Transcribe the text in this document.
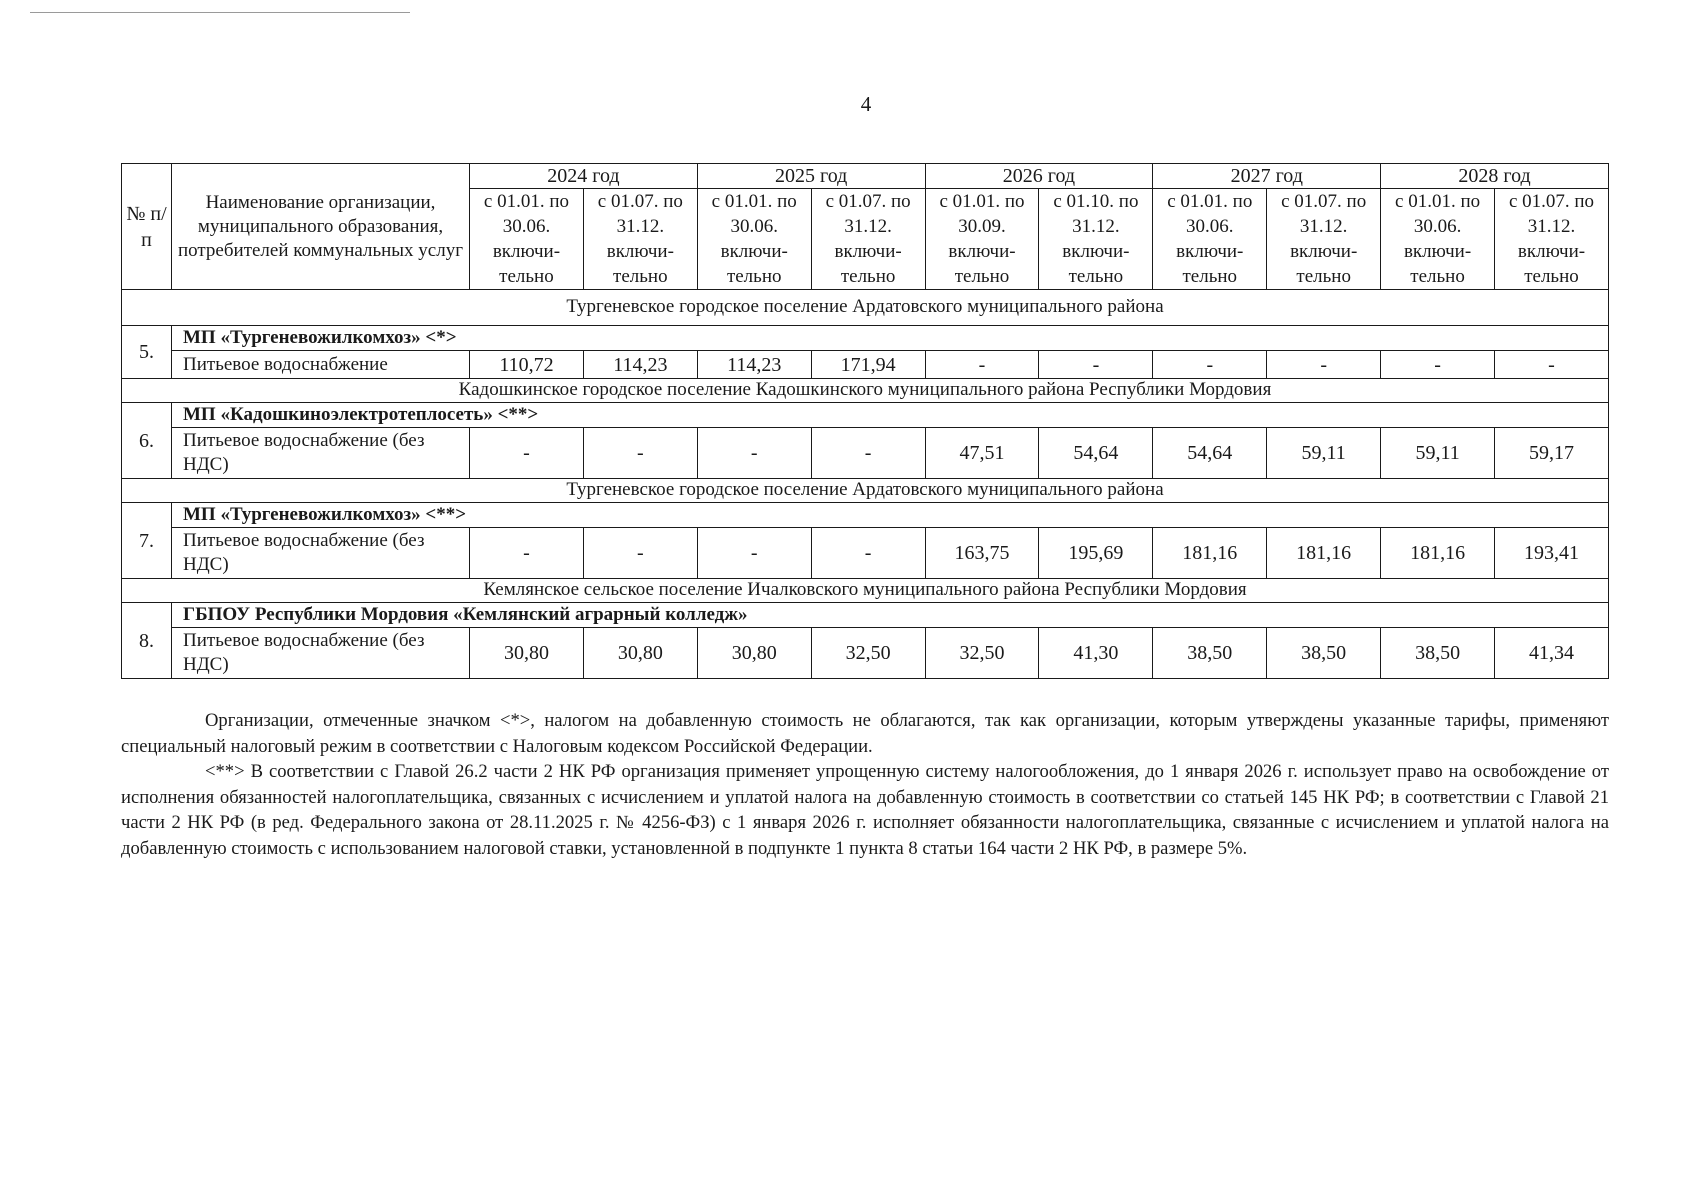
4
№ п/п	Наименование организации, муниципального образования, потребителей коммунальных услуг	2024 год		2025 год		2026 год		2027 год		2028 год	
		с 01.01. по 30.06. включи-тельно	с 01.07. по 31.12. включи-тельно	с 01.01. по 30.06. включи-тельно	с 01.07. по 31.12. включи-тельно	с 01.01. по 30.09. включи-тельно	с 01.10. по 31.12. включи-тельно	с 01.01. по 30.06. включи-тельно	с 01.07. по 31.12. включи-тельно	с 01.01. по 30.06. включи-тельно	с 01.07. по 31.12. включи-тельно
Тургеневское городское поселение Ардатовского муниципального района											
5.	МП «Тургеневожилкомхоз» <*>										
	Питьевое водоснабжение	110,72	114,23	114,23	171,94	-	-	-	-	-	-
Кадошкинское городское поселение Кадошкинского муниципального района Республики Мордовия											
6.	МП «Кадошкиноэлектротеплосеть» <**>										
	Питьевое водоснабжение (без НДС)	-	-	-	-	47,51	54,64	54,64	59,11	59,11	59,17
Тургеневское городское поселение Ардатовского муниципального района											
7.	МП «Тургеневожилкомхоз» <**>										
	Питьевое водоснабжение (без НДС)	-	-	-	-	163,75	195,69	181,16	181,16	181,16	193,41
Кемлянское сельское поселение Ичалковского муниципального района Республики Мордовия											
8.	ГБПОУ Республики Мордовия «Кемлянский аграрный колледж»										
	Питьевое водоснабжение (без НДС)	30,80	30,80	30,80	32,50	32,50	41,30	38,50	38,50	38,50	41,34

Организации, отмеченные значком <*>, налогом на добавленную стоимость не облагаются, так как организации, которым утверждены указанные тарифы, применяют специальный налоговый режим в соответствии с Налоговым кодексом Российской Федерации.

<**> В соответствии с Главой 26.2 части 2 НК РФ организация применяет упрощенную систему налогообложения, до 1 января 2026 г. использует право на освобождение от исполнения обязанностей налогоплательщика, связанных с исчислением и уплатой налога на добавленную стоимость в соответствии со статьей 145 НК РФ; в соответствии с Главой 21 части 2 НК РФ (в ред. Федерального закона от 28.11.2025 г. № 4256-ФЗ) с 1 января 2026 г. исполняет обязанности налогоплательщика, связанные с исчислением и уплатой налога на добавленную стоимость с использованием налоговой ставки, установленной в подпункте 1 пункта 8 статьи 164 части 2 НК РФ, в размере 5%.
